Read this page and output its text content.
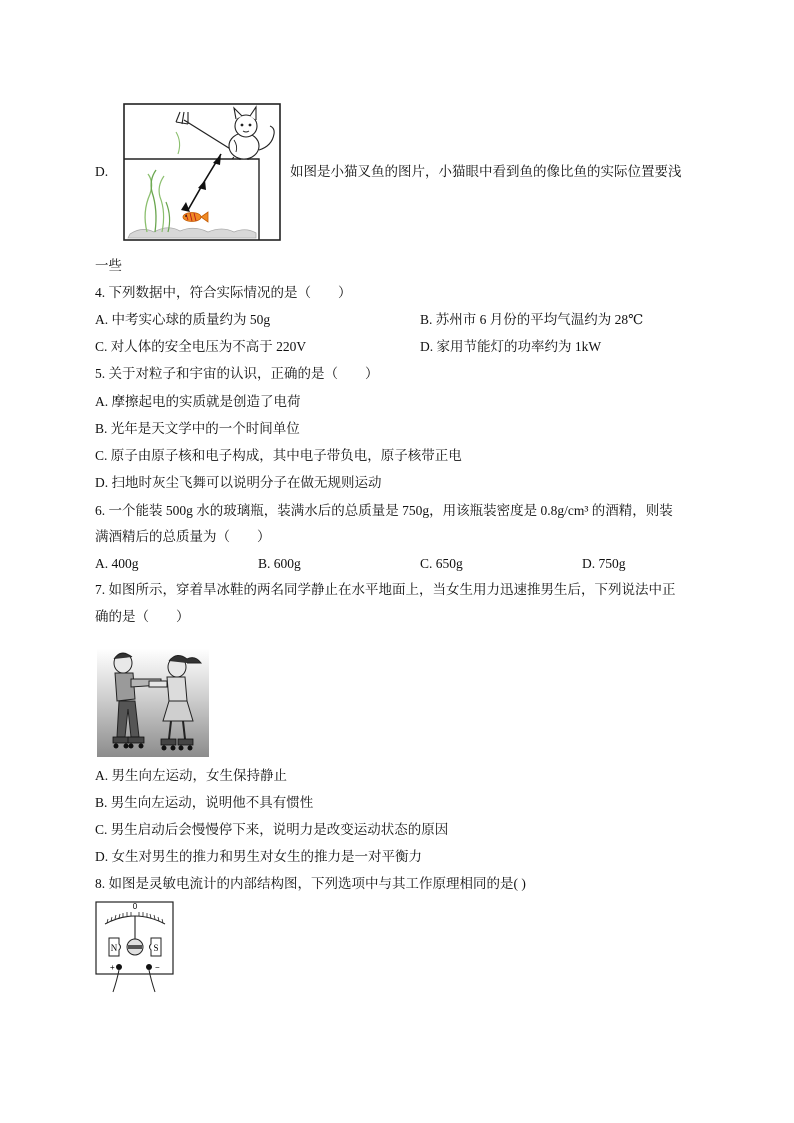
D.	如图是小猫叉鱼的图片，小猫眼中看到鱼的像比鱼的实际位置要浅
一些
4. 下列数据中，符合实际情况的是（　　）
A. 中考实心球的质量约为 50g	B. 苏州市 6 月份的平均气温约为 28℃
C. 对人体的安全电压为不高于 220V	D. 家用节能灯的功率约为 1kW
5. 关于对粒子和宇宙的认识，正确的是（　　）
A. 摩擦起电的实质就是创造了电荷
B. 光年是天文学中的一个时间单位
C. 原子由原子核和电子构成，其中电子带负电，原子核带正电
D. 扫地时灰尘飞舞可以说明分子在做无规则运动
6. 一个能装 500g 水的玻璃瓶，装满水后的总质量是 750g，用该瓶装密度是 0.8g/cm³ 的酒精，则装
满酒精后的总质量为（　　）
A. 400g	B. 600g	C. 650g	D. 750g
7. 如图所示，穿着旱冰鞋的两名同学静止在水平地面上，当女生用力迅速推男生后，下列说法中正
确的是（　　）
A. 男生向左运动，女生保持静止
B. 男生向左运动，说明他不具有惯性
C. 男生启动后会慢慢停下来，说明力是改变运动状态的原因
D. 女生对男生的推力和男生对女生的推力是一对平衡力
8. 如图是灵敏电流计的内部结构图，下列选项中与其工作原理相同的是( )
0
N	S
+	−
